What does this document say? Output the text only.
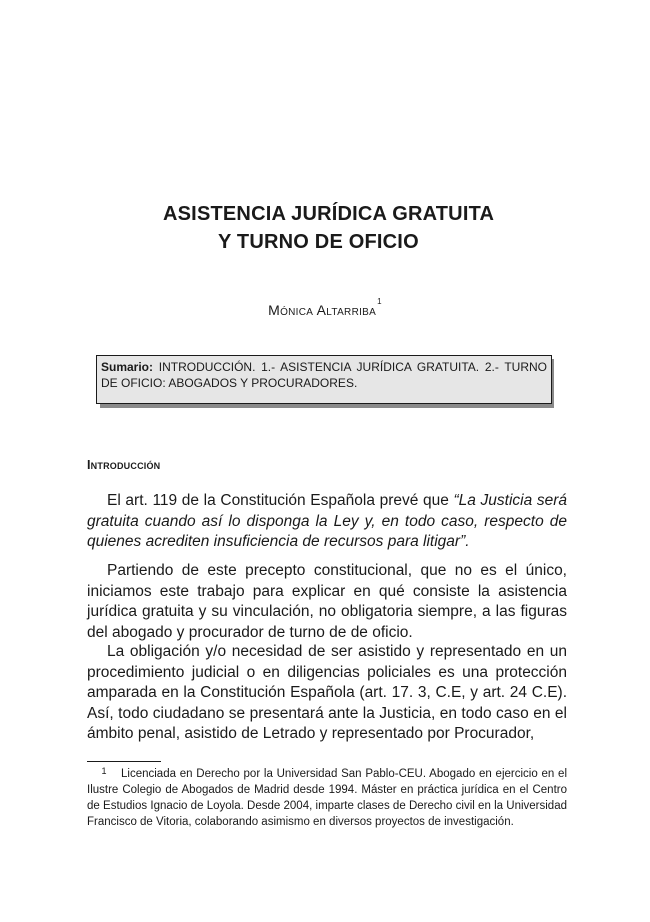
ASISTENCIA JURÍDICA GRATUITA
Y TURNO DE OFICIO
Mónica Altarriba$^1$
Sumario: INTRODUCCIÓN. 1.- ASISTENCIA JURÍDICA GRATUITA. 2.- TURNO DE OFICIO: ABOGADOS Y PROCURADORES.
Introducción

El art. 119 de la Constitución Española prevé que “La Justicia será gratuita cuando así lo disponga la Ley y, en todo caso, respecto de quienes acrediten insuficiencia de recursos para litigar”.

Partiendo de este precepto constitucional, que no es el único, iniciamos este trabajo para explicar en qué consiste la asistencia jurídica gratuita y su vinculación, no obligatoria siempre, a las figuras del abogado y procurador de turno de de oficio.

La obligación y/o necesidad de ser asistido y representado en un procedimiento judicial o en diligencias policiales es una protección amparada en la Constitución Española (art. 17. 3, C.E, y art. 24 C.E). Así, todo ciudadano se presentará ante la Justicia, en todo caso en el ámbito penal, asistido de Letrado y representado por Procurador,

1 Licenciada en Derecho por la Universidad San Pablo-CEU. Abogado en ejercicio en el Ilustre Colegio de Abogados de Madrid desde 1994. Máster en práctica jurídica en el Centro de Estudios Ignacio de Loyola. Desde 2004, imparte clases de Derecho civil en la Universidad Francisco de Vitoria, colaborando asimismo en diversos proyectos de investigación.
